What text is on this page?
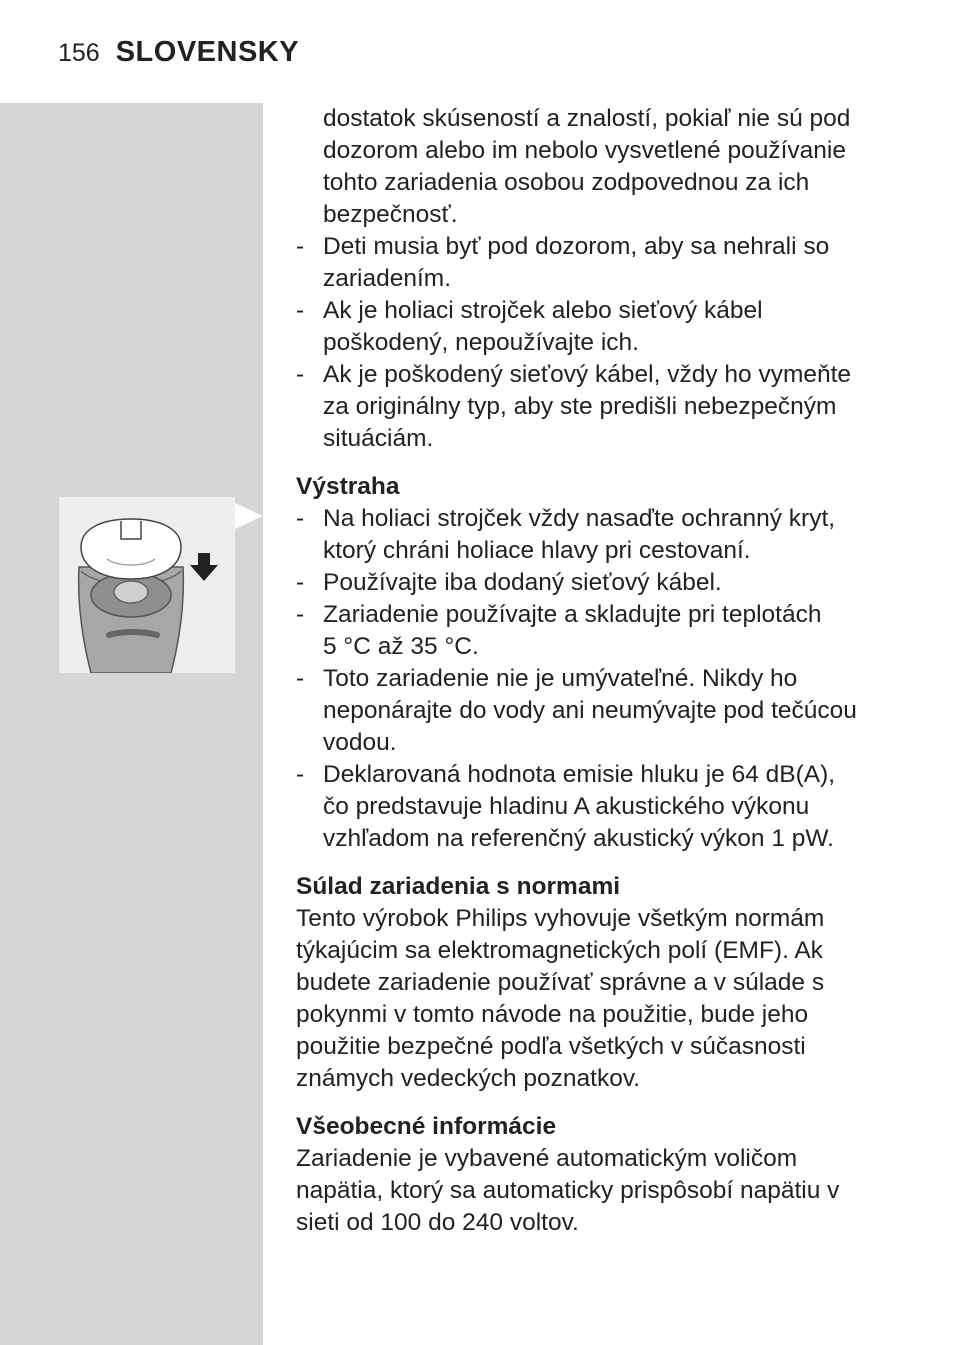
156 SLOVENSKY

dostatok skúseností a znalostí, pokiaľ nie sú pod

dozorom alebo im nebolo vysvetlené používanie

tohto zariadenia osobou zodpovednou za ich

bezpečnosť.

- Deti musia byť pod dozorom, aby sa nehrali so

zariadením.

- Ak je holiaci strojček alebo sieťový kábel

poškodený, nepoužívajte ich.

- Ak je poškodený sieťový kábel, vždy ho vymeňte

za originálny typ, aby ste predišli nebezpečným

situáciám.

Výstraha

- Na holiaci strojček vždy nasaďte ochranný kryt,

ktorý chráni holiace hlavy pri cestovaní.

- Používajte iba dodaný sieťový kábel.

- Zariadenie používajte a skladujte pri teplotách

5 °C až 35 °C.

- Toto zariadenie nie je umývateľné. Nikdy ho

neponárajte do vody ani neumývajte pod tečúcou

vodou.

- Deklarovaná hodnota emisie hluku je 64 dB(A),

čo predstavuje hladinu A akustického výkonu

vzhľadom na referenčný akustický výkon 1 pW.

Súlad zariadenia s normami

Tento výrobok Philips vyhovuje všetkým normám

týkajúcim sa elektromagnetických polí (EMF). Ak

budete zariadenie používať správne a v súlade s

pokynmi v tomto návode na použitie, bude jeho

použitie bezpečné podľa všetkých v súčasnosti

známych vedeckých poznatkov.

Všeobecné informácie

Zariadenie je vybavené automatickým voličom

napätia, ktorý sa automaticky prispôsobí napätiu v

sieti od 100 do 240 voltov.
